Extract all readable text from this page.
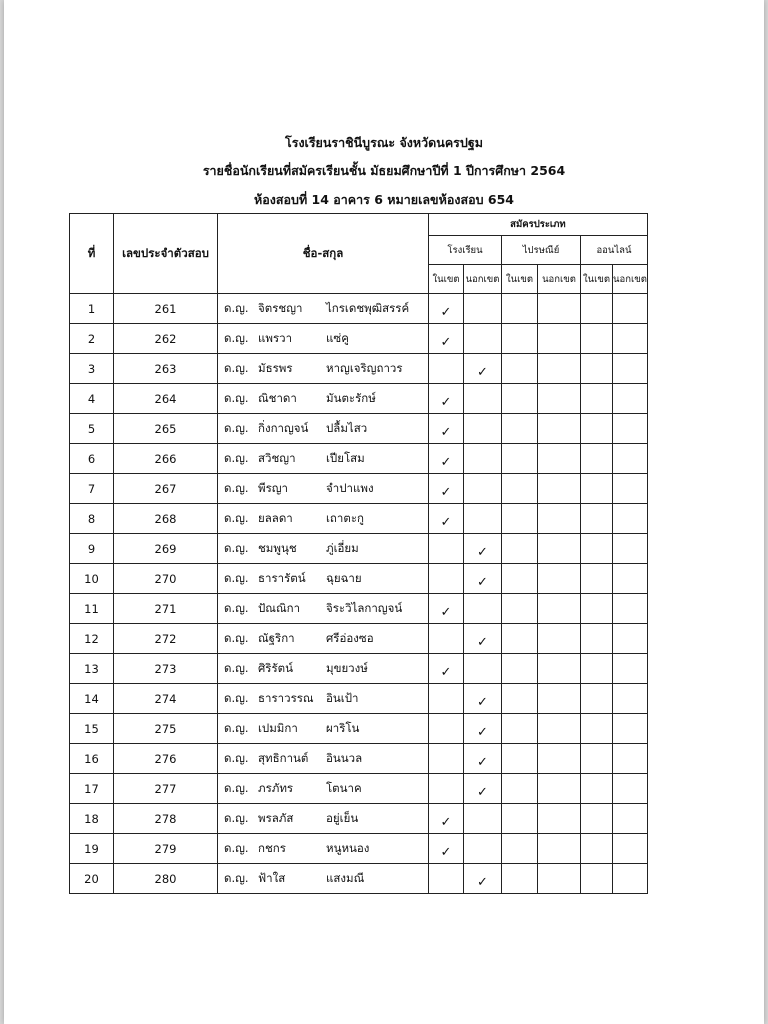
โรงเรียนราชินีบูรณะ จังหวัดนครปฐม
รายชื่อนักเรียนที่สมัครเรียนชั้น มัธยมศึกษาปีที่ 1 ปีการศึกษา 2564
ห้องสอบที่ 14 อาคาร 6 หมายเลขห้องสอบ 654
ที่	เลขประจำตัวสอบ	ชื่อ-สกุล	สมัครประเภท					
			โรงเรียน		ไปรษณีย์		ออนไลน์	
			ในเขต	นอกเขต	ในเขต	นอกเขต	ในเขต	นอกเขต
1	261	ด.ญ. จิตรชญา ไกรเดชพุฒิสรรค์	✓					
2	262	ด.ญ. แพรวา แซ่คู	✓					
3	263	ด.ญ. มัธรพร หาญเจริญถาวร		✓				
4	264	ด.ญ. ณิชาดา มันตะรักษ์	✓					
5	265	ด.ญ. กิ่งกาญจน์ ปลื้มไสว	✓					
6	266	ด.ญ. สวิชญา เปียโสม	✓					
7	267	ด.ญ. พีรญา จำปาแพง	✓					
8	268	ด.ญ. ยลลดา เถาตะกู	✓					
9	269	ด.ญ. ชมพูนุช ภู่เอี่ยม		✓				
10	270	ด.ญ. ธารารัตน์ ฉุยฉาย		✓				
11	271	ด.ญ. ปัณณิกา จิระวิไลกาญจน์	✓					
12	272	ด.ญ. ณัฐริกา ศรีอ่องซอ		✓				
13	273	ด.ญ. ศิริรัตน์ มุขยวงษ์	✓					
14	274	ด.ญ. ธาราวรรณ อินเป้า		✓				
15	275	ด.ญ. เปมมิกา ผาริโน		✓				
16	276	ด.ญ. สุทธิกานต์ อินนวล		✓				
17	277	ด.ญ. ภรภัทร โตนาค		✓				
18	278	ด.ญ. พรลภัส อยู่เย็น	✓					
19	279	ด.ญ. กชกร หนูหนอง	✓					
20	280	ด.ญ. ฟ้าใส แสงมณี		✓				
